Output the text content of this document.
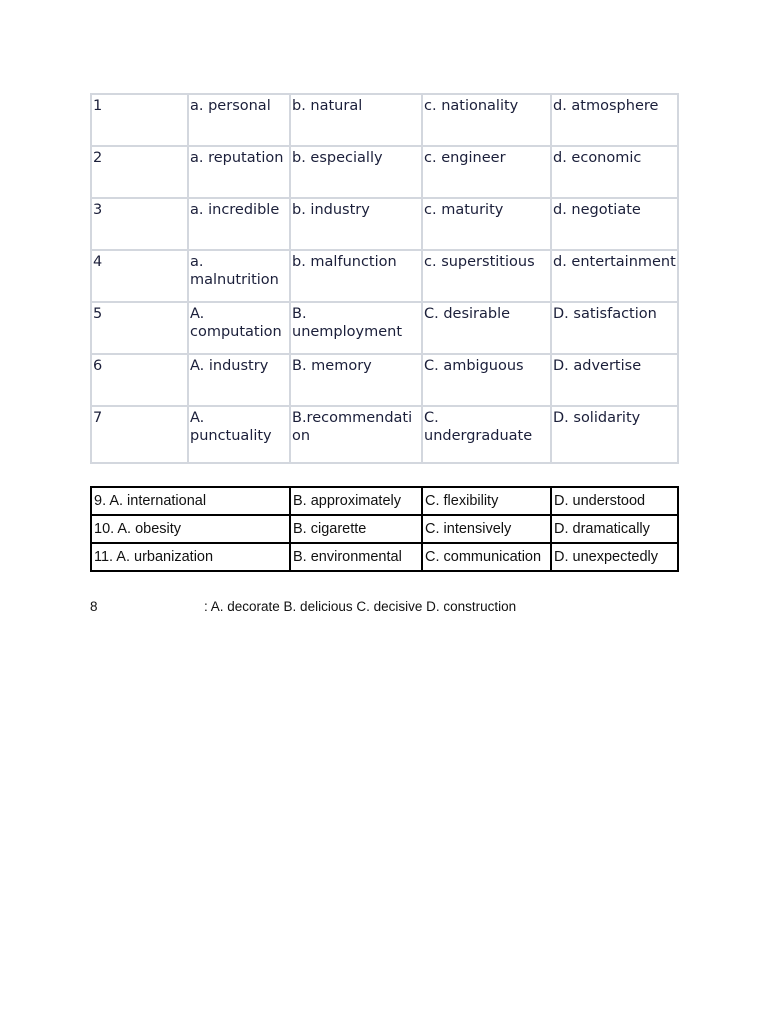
1	a. personal	b. natural	c. nationality	d. atmosphere
2	a. reputation	b. especially	c. engineer	d. economic
3	a. incredible	b. industry	c. maturity	d. negotiate
4	a. malnutrition	b. malfunction	c. superstitious	d. entertainment
5	A. computation	B. unemployment	C. desirable	D. satisfaction
6	A. industry	B. memory	C. ambiguous	D. advertise
7	A. punctuality	B.recommendation	C. undergraduate	D. solidarity
9. A. international	B. approximately	C. flexibility	D. understood
10. A. obesity	B. cigarette	C. intensively	D. dramatically
11. A. urbanization	B. environmental	C. communication	D. unexpectedly
8	: A. decorate B. delicious C. decisive D. construction
